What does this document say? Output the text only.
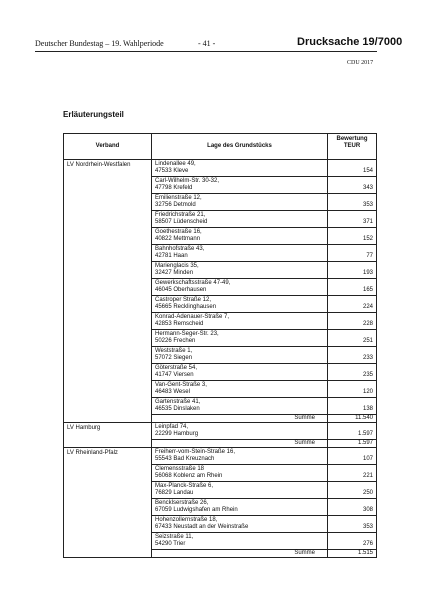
Deutscher Bundestag – 19. Wahlperiode	- 41 -	Drucksache 19/7000
CDU 2017
Erläuterungsteil
Verband	Lage des Grundstücks
Bewertung TEUR
LV Nordrhein-Westfalen	Lindenallee 49,
47533 Kleve	154
Carl-Wilhelm-Str. 30-32,
47798 Krefeld	343
Emilienstraße 12,
32756 Detmold	353
Friedrichstraße 21,
58507 Lüdenscheid	371
Goethestraße 16,
40822 Mettmann	152
Bahnhofstraße 43,
42781 Haan	77
Marienglacis 35,
32427 Minden	193
Gewerkschaftsstraße 47-49,
46045 Oberhausen	165
Castroper Straße 12,
45665 Recklinghausen	224
Konrad-Adenauer-Straße 7,
42853 Remscheid	228
Hermann-Seger-Str. 23,
50226 Frechen	251
Weststraße 1,
57072 Siegen	233
Göterstraße 54,
41747 Viersen	235
Van-Gent-Straße 3,
46483 Wesel	120
Gartenstraße 41,
46535 Dinslaken	138
Summe	11.540
LV Hamburg	Leinpfad 74,
22299 Hamburg	1.597
Summe	1.597
LV Rheinland-Pfalz	Freiherr-vom-Stein-Straße 16,
55543 Bad Kreuznach	107
Clemensstraße 18
56068 Koblenz am Rhein	221
Max-Planck-Straße 6,
76829 Landau	250
Bencklserstraße 26,
67059 Ludwigshafen am Rhein	308
Hohenzollernstraße 18,
67433 Neustadt an der Weinstraße	353
Seizstraße 11,
54290 Trier	276
Summe	1.515
